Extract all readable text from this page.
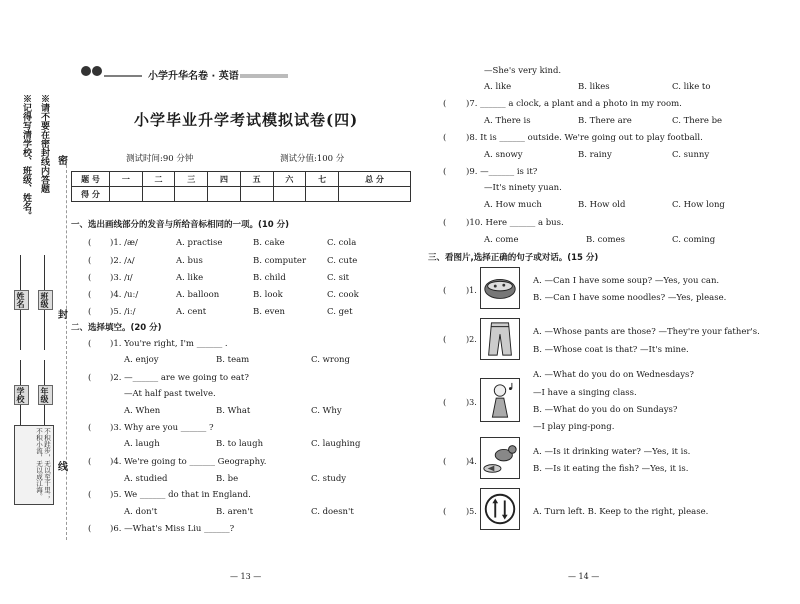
※请不要在密封线内答题
※记得写清学校、班级、姓名。
姓名	班级
学校	年级
不积跬步，无以至千里；不积小流，无以成江海。
密
封
线
小学升华名卷 · 英语
小学毕业升学考试模拟试卷(四)
测试时间:90 分钟	测试分值:100 分
题 号	一	二	三	四	五	六	七	总 分
得 分								
一、选出画线部分的发音与所给音标相同的一项。(10 分)
( )1. /æ/	A. practise	B. cake	C. cola
( )2. /ʌ/	A. bus	B. computer C. cute
( )3. /ɪ/	A. like	B. child	C. sit
( )4. /uː/	A. balloon	B. look	C. cook
( )5. /iː/	A. cent	B. even	C. get
二、选择填空。(20 分)
( )1. You're right, I'm ______ .
A. enjoy	B. team	C. wrong
( )2. —______ are we going to eat?
—At half past twelve.
A. When	B. What	C. Why
( )3. Why are you ______ ?
A. laugh	B. to laugh	C. laughing
( )4. We're going to ______ Geography.
A. studied	B. be	C. study
( )5. We ______ do that in England.
A. don't	B. aren't	C. doesn't
( )6. —What's Miss Liu ______?
— 13 —
—She's very kind.
A. like	B. likes	C. like to
( )7. ______ a clock, a plant and a photo in my room.
A. There is	B. There are	C. There be
( )8. It is ______ outside. We're going out to play football.
A. snowy	B. rainy	C. sunny
( )9. —______ is it?
—It's ninety yuan.
A. How much	B. How old	C. How long
( )10. Here ______ a bus.
A. come	B. comes	C. coming
三、看图片,选择正确的句子或对话。(15 分)
( )1.
A. —Can I have some soup? —Yes, you can.
B. —Can I have some noodles? —Yes, please.
( )2.
A. —Whose pants are those? —They're your father's.
B. —Whose coat is that? —It's mine.
( )3.
A. —What do you do on Wednesdays?
—I have a singing class.
B. —What do you do on Sundays?
—I play ping-pong.
( )4.
A. —Is it drinking water? —Yes, it is.
B. —Is it eating the fish? —Yes, it is.
( )5.	A. Turn left. B. Keep to the right, please.
— 14 —
